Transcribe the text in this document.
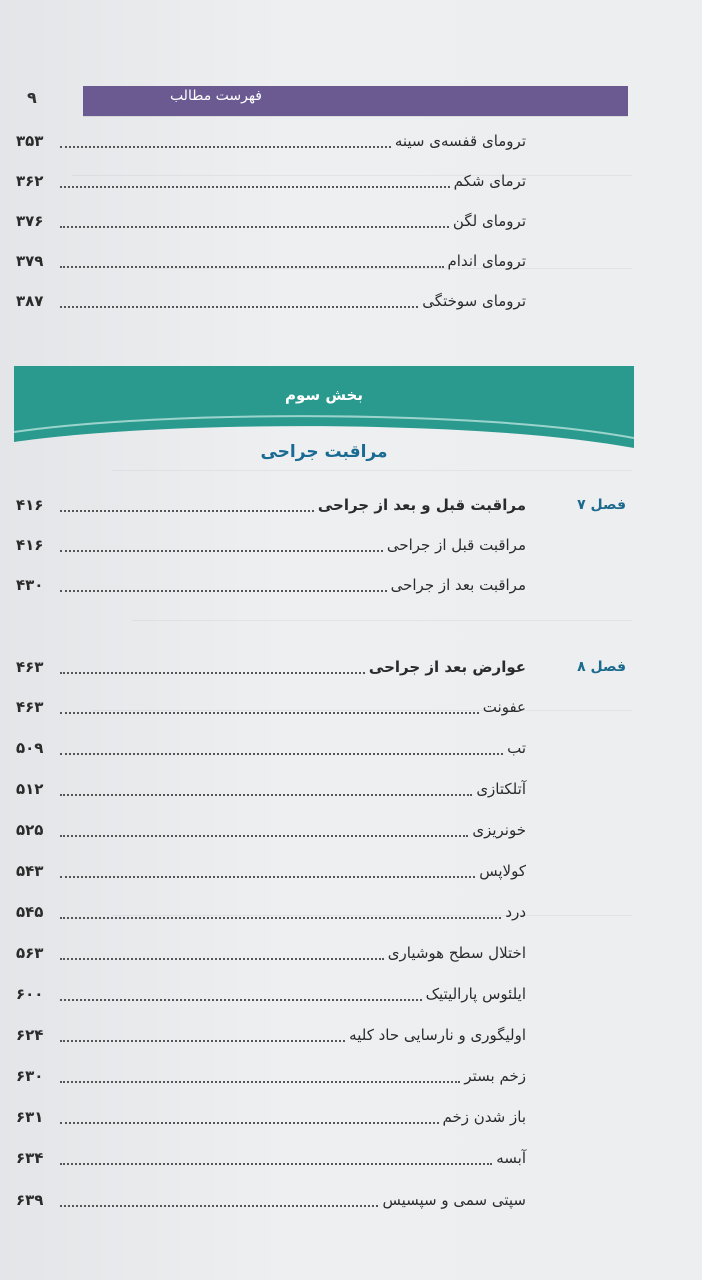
فهرست مطالب
۹
۳۵۳	ترومای قفسه‌ی سینه
۳۶۲	ترمای شکم
۳۷۶	ترومای لگن
۳۷۹	ترومای اندام
۳۸۷	ترومای سوختگی
بخش سوم
مراقبت جراحی
فصل ۷
۴۱۶	مراقبت قبل و بعد از جراحی
۴۱۶	مراقبت قبل از جراحی
۴۳۰	مراقبت بعد از جراحی
فصل ۸
۴۶۳	عوارض بعد از جراحی
۴۶۳	عفونت
۵۰۹	تب
۵۱۲	آتلکتازی
۵۲۵	خونریزی
۵۴۳	کولاپس
۵۴۵	درد
۵۶۳	اختلال سطح هوشیاری
۶۰۰	ایلئوس پارالیتیک
۶۲۴	اولیگوری و نارسایی حاد کلیه
۶۳۰	زخم بستر
۶۳۱	باز شدن زخم
۶۳۴	آبسه
۶۳۹	سپتی سمی و سپسیس
